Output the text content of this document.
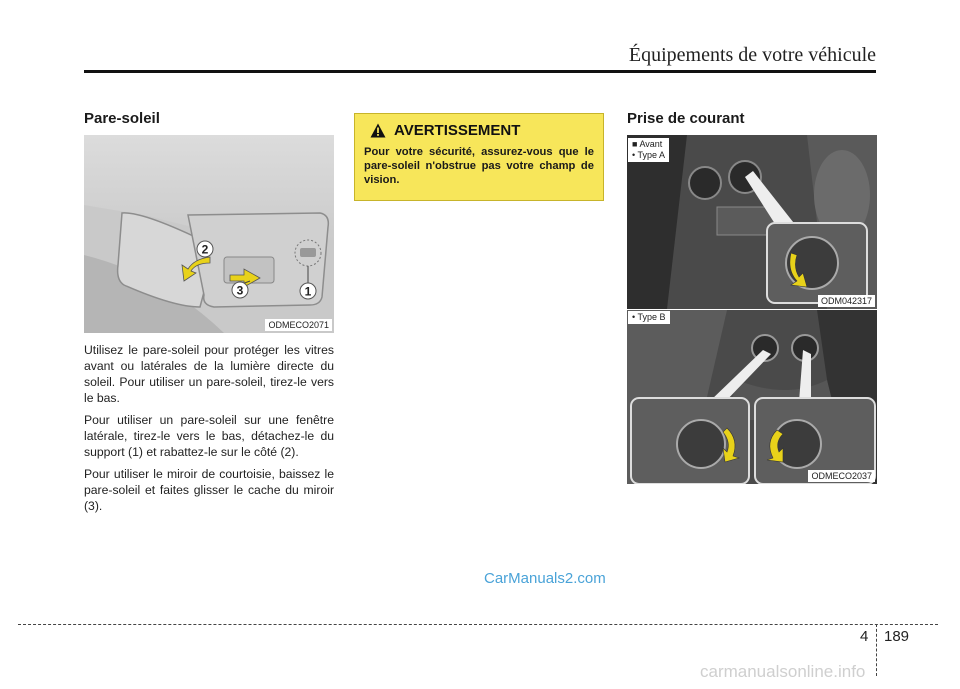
Équipements de votre véhicule
Pare-soleil
2
3	1
ODMECO2071

Utilisez le pare-soleil pour protéger les vitres avant ou latérales de la lumière directe du soleil. Pour utiliser un pare-soleil, tirez-le vers le bas.

Pour utiliser un pare-soleil sur une fenêtre latérale, tirez-le vers le bas, détachez-le du support (1) et rabattez-le sur le côté (2).

Pour utiliser le miroir de courtoisie, baissez le pare-soleil et faites glisser le cache du miroir (3).

AVERTISSEMENT
Pour votre sécurité, assurez-vous que le pare-soleil n'obstrue pas votre champ de vision.
Prise de courant
■ Avant
• Type A
ODM042317
• Type B
ODMECO2037
CarManuals2.com
4 189
carmanualsonline.info
